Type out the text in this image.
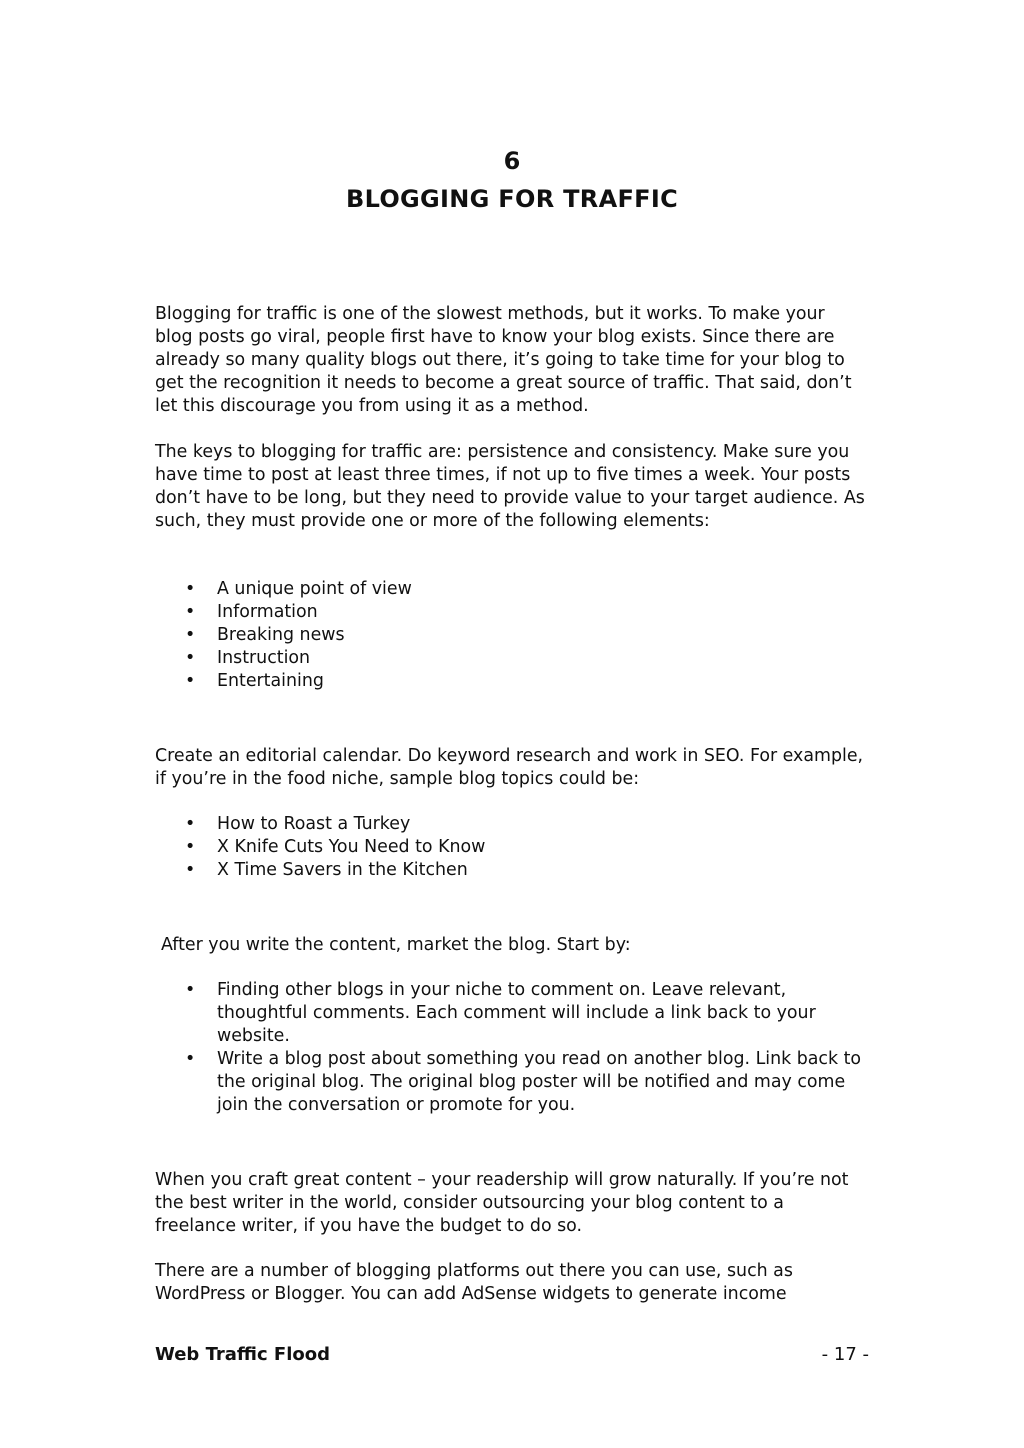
6
BLOGGING FOR TRAFFIC

Blogging for traffic is one of the slowest methods, but it works. To make your blog posts go viral, people first have to know your blog exists. Since there are already so many quality blogs out there, it’s going to take time for your blog to get the recognition it needs to become a great source of traffic. That said, don’t let this discourage you from using it as a method.

The keys to blogging for traffic are: persistence and consistency. Make sure you have time to post at least three times, if not up to five times a week. Your posts don’t have to be long, but they need to provide value to your target audience. As such, they must provide one or more of the following elements:

• A unique point of view
• Information
• Breaking news
• Instruction
• Entertaining

Create an editorial calendar. Do keyword research and work in SEO. For example, if you’re in the food niche, sample blog topics could be:

• How to Roast a Turkey
• X Knife Cuts You Need to Know
• X Time Savers in the Kitchen

After you write the content, market the blog. Start by:

• Finding other blogs in your niche to comment on. Leave relevant, thoughtful comments. Each comment will include a link back to your website.
• Write a blog post about something you read on another blog. Link back to the original blog. The original blog poster will be notified and may come join the conversation or promote for you.

When you craft great content – your readership will grow naturally. If you’re not the best writer in the world, consider outsourcing your blog content to a freelance writer, if you have the budget to do so.

There are a number of blogging platforms out there you can use, such as WordPress or Blogger. You can add AdSense widgets to generate income

Web Traffic Flood	- 17 -
